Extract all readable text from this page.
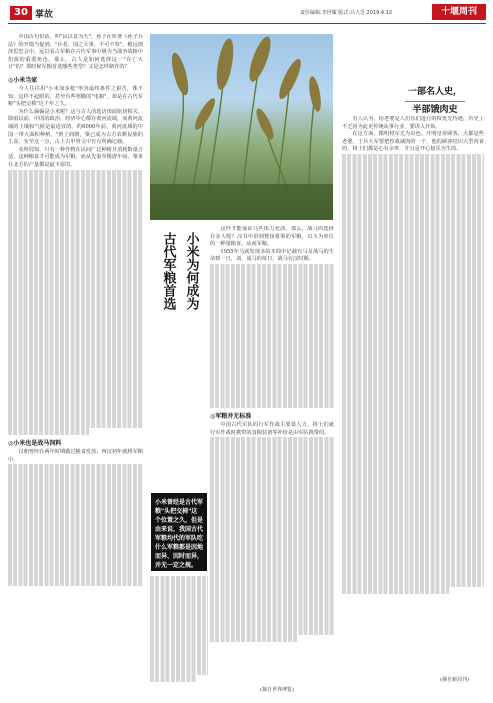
30 掌故	责任编辑:李世耀 版式:吕大芳 2019.4.12	十堰周刊

中国古句俗话，叫"民以食为天"，孙子在所著《孙子兵法》的开篇当提到，"兵者，国之大事，不可不察"，稍远则涉思忠会中，远以看古军粮在古代军事中极为当战争战粮中扮演的重要角色。那么，古人是如何选择这一"存亡大计"的？那时候军粮首选哪些类型？又是怎样制作的？

◎小米当家

今人往往用"小米加步枪"形容最终条件之艰苦，殊不知，这样不起眼的，甚至有些寒酸的"电粮"，却是在古代军粮"头把交椅"达千年之久。

为什么偏偏是小米呢？这与古人的选访田面密切相关。降雨以前，中国的政治、经济中心都在黄河流域，而黄河流域的土壤和气候是最适宜的。约6000年前，黄河流域的中国一带大面积种植，"到了商朝，粟已成为古方农耕民族的主食，实至这一点，古上古甲骨文中有有所确记载。

众所周知，只有一种作物在民间广泛种植且消耗数量合适，这种粮食才可能成为军粮，而从先秦至隋唐年间，粟米在北方的产量都是最丰富的。

◎小米也是战马饲料

汉朝曾经在两年时期做过粮食发放，西汉初年就将军粮中。

小米为何成为
古代军粮首选

这样才能保证马匹体力充沛、那么，战马的选择有多大呢？汉书中讲到赞扬将领的军粮，以斗为单位的一种量粮食，从而军粮。

1955年马就发现多的木简中记载有马及战马的生命到一日，刘、战马的每日，战马在汉时期。

◎军粮并无标准

中国古代军队的行军作战主要靠人力，将士们就行军作战时携带的食粮装备等补给是由军队携带的。

小米曾经是古代军粮"头把交椅"这个位置之久，但是由来说，我国古代军粮均代的军队吃什么军粮都是因地而异、因时而异，并无一定之规。
(摘自世界博览)
一部名人史，
半部饿肉史

有人认为，给老婆是人们乐们进行的权优先待遇，历史上不乏因为此更传统从事行业，要讲入开始。

在这方面，隋明将军尤为出色。开明皇帝顾客，大都是些老婆，士兵大军要把控裁减肉的一个，他的顾客结识大型肉食的，将士们都是心有余辜，并且是开心接乐为生的。

(摘自新周刊)
